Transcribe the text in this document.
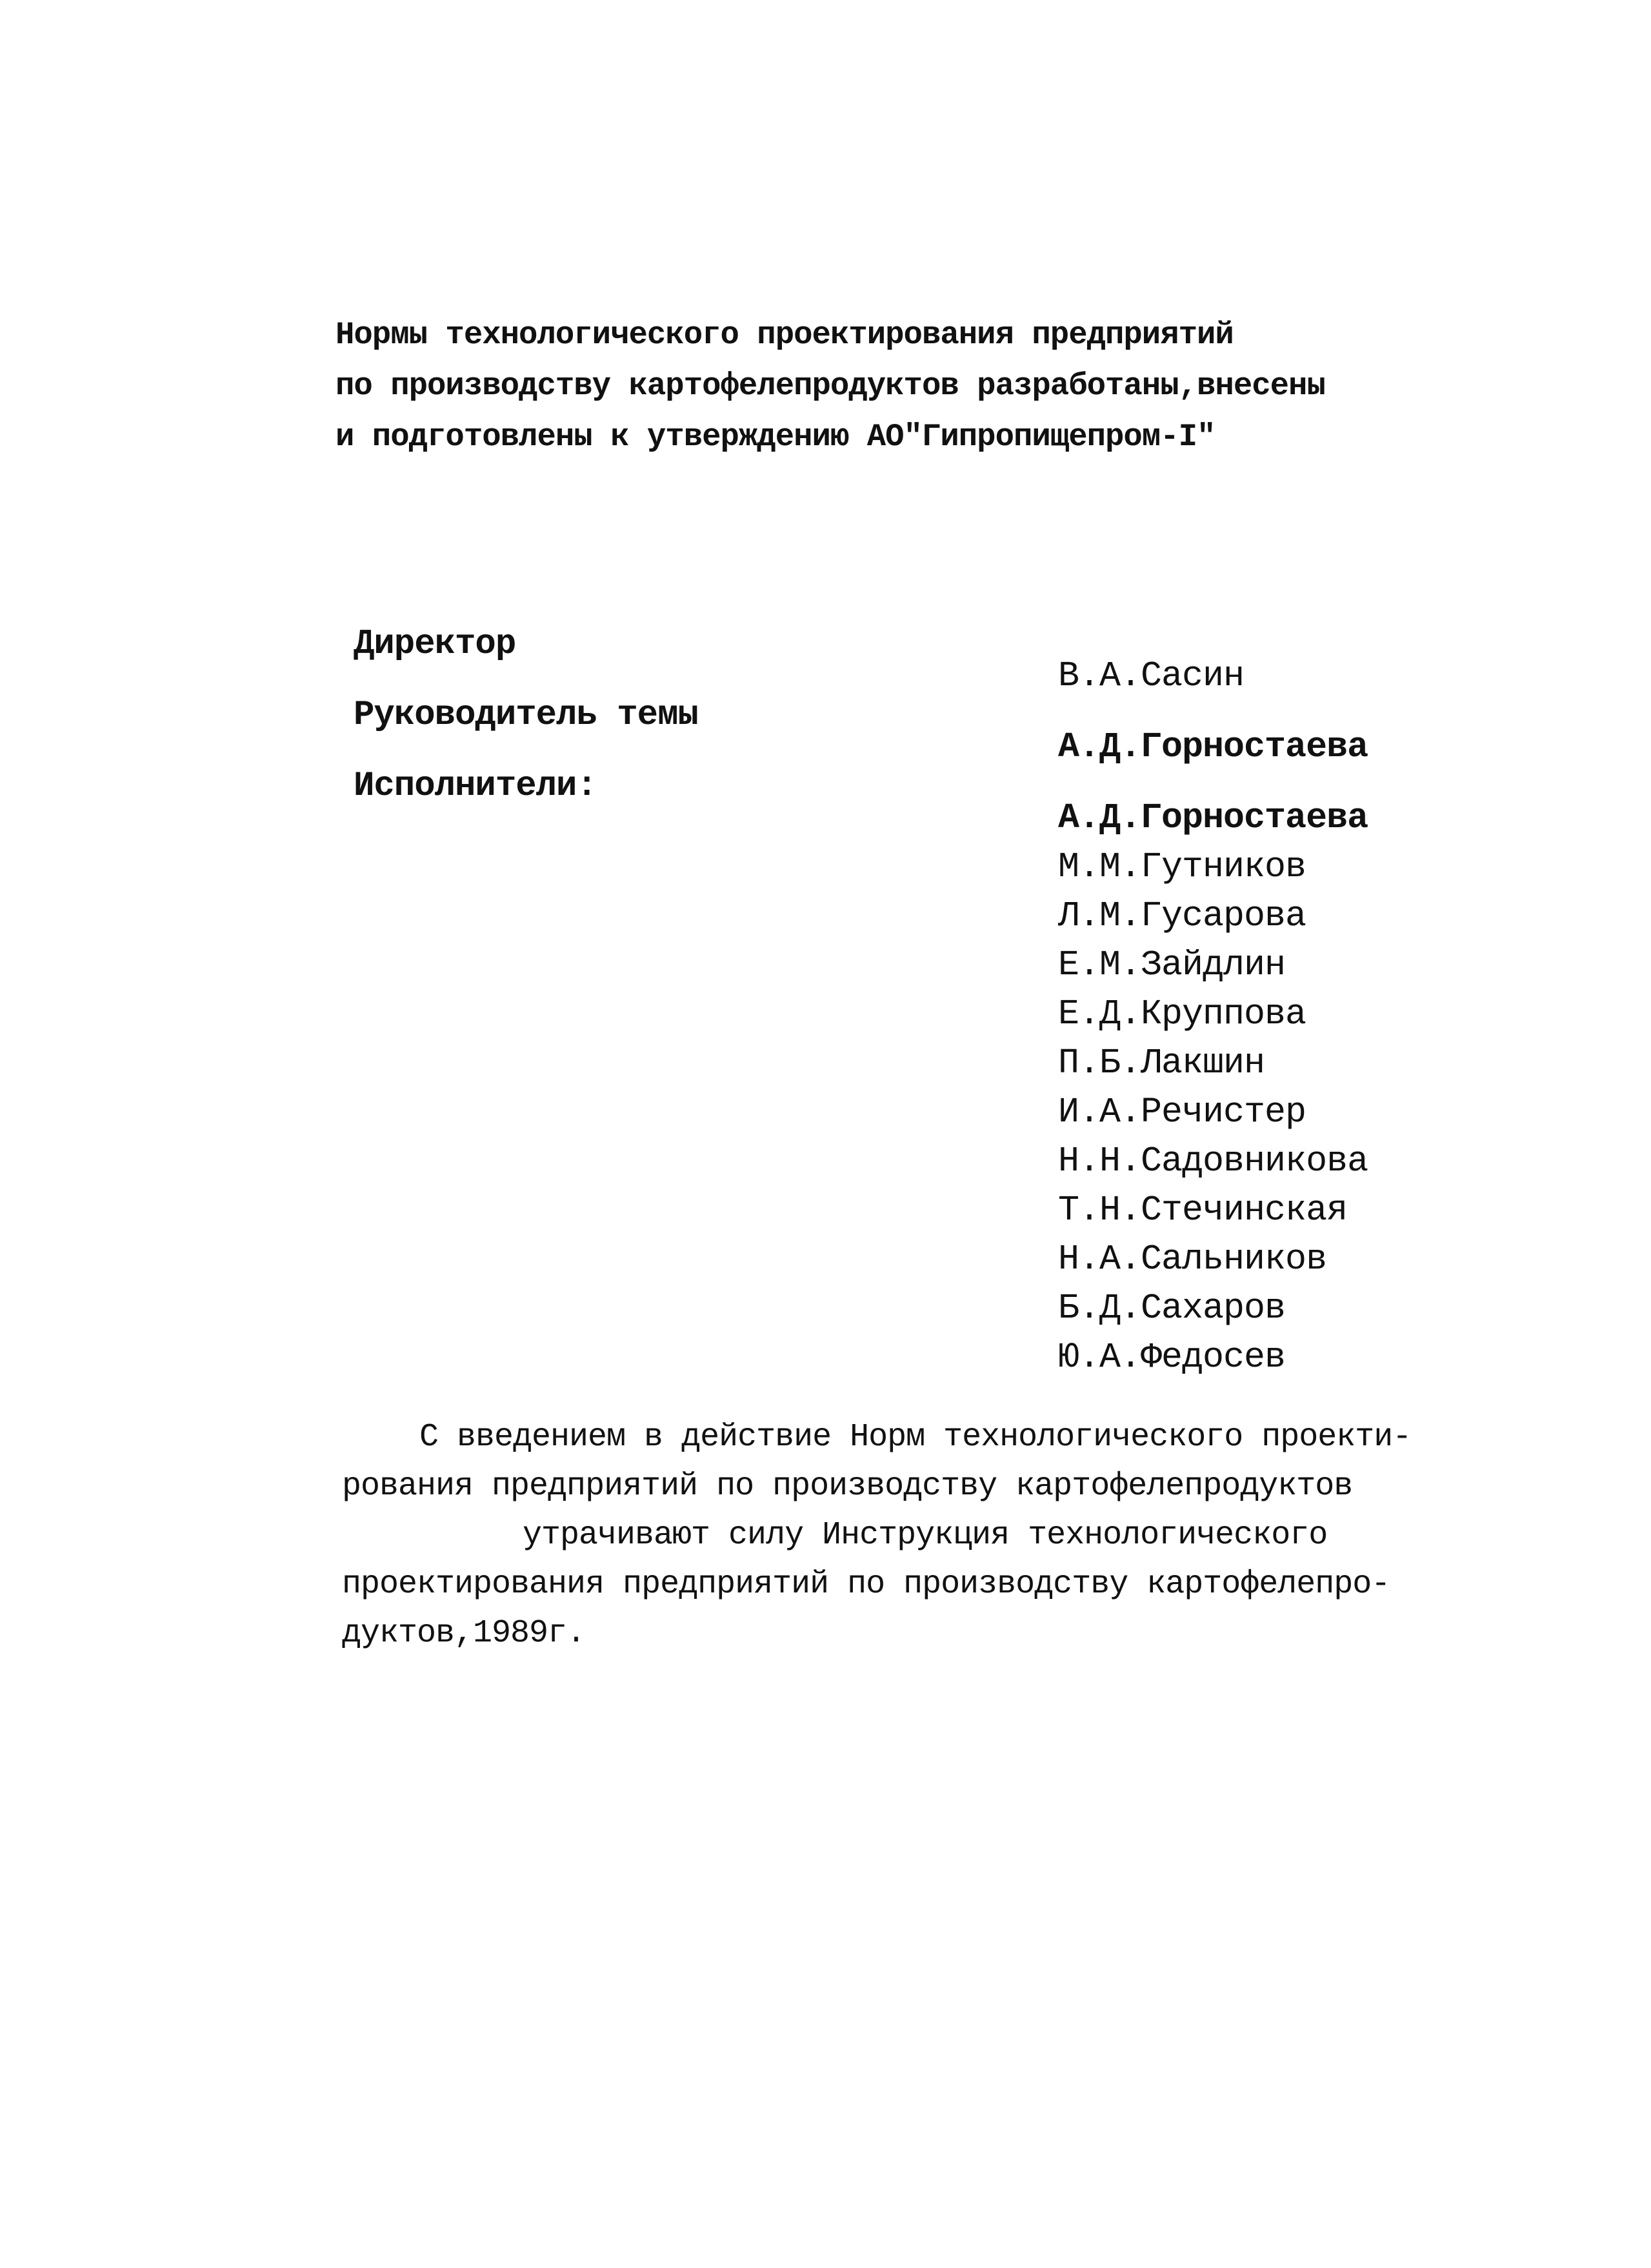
Нормы технологического проектирования предприятий
по производству картофелепродуктов разработаны,внесены
и подготовлены к утверждению АО"Гипропищепром-I"

Директор

Руководитель темы

Исполнители:

В.А.Сасин
А.Д.Горностаева
А.Д.Горностаева
М.М.Гутников
Л.М.Гусарова
Е.М.Зайдлин
Е.Д.Круппова
П.Б.Лакшин
И.А.Речистер
Н.Н.Садовникова
Т.Н.Стечинская
Н.А.Сальников
Б.Д.Сахаров
Ю.А.Федосев

С введением в действие Норм технологического проекти-
рования предприятий по производству картофелепродуктов
утрачивают силу Инструкция технологического
проектирования предприятий по производству картофелепро-
дуктов,1989г.
